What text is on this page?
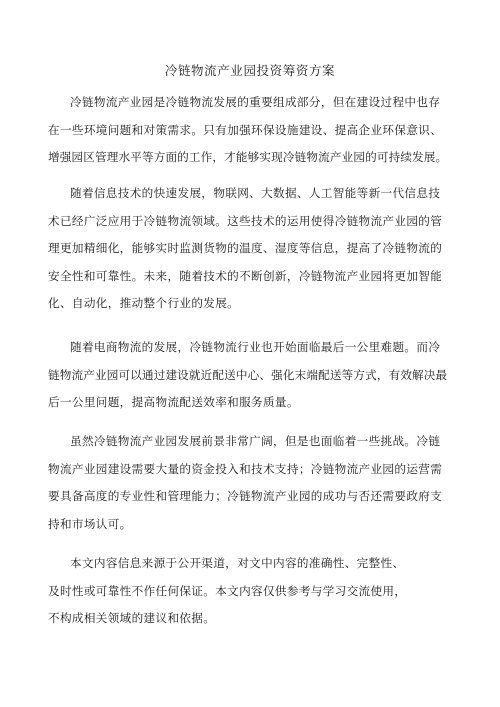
冷链物流产业园投资筹资方案
冷链物流产业园是冷链物流发展的重要组成部分，但在建设过程中也存
在一些环境问题和对策需求。只有加强环保设施建设、提高企业环保意识、
增强园区管理水平等方面的工作，才能够实现冷链物流产业园的可持续发展。
随着信息技术的快速发展，物联网、大数据、人工智能等新一代信息技
术已经广泛应用于冷链物流领域。这些技术的运用使得冷链物流产业园的管
理更加精细化，能够实时监测货物的温度、湿度等信息，提高了冷链物流的
安全性和可靠性。未来，随着技术的不断创新，冷链物流产业园将更加智能
化、自动化，推动整个行业的发展。
随着电商物流的发展，冷链物流行业也开始面临最后一公里难题。而冷
链物流产业园可以通过建设就近配送中心、强化末端配送等方式，有效解决最
后一公里问题，提高物流配送效率和服务质量。
虽然冷链物流产业园发展前景非常广阔，但是也面临着一些挑战。冷链
物流产业园建设需要大量的资金投入和技术支持；冷链物流产业园的运营需
要具备高度的专业性和管理能力；冷链物流产业园的成功与否还需要政府支
持和市场认可。
本文内容信息来源于公开渠道，对文中内容的准确性、完整性、
及时性或可靠性不作任何保证。本文内容仅供参考与学习交流使用，
不构成相关领域的建议和依据。
